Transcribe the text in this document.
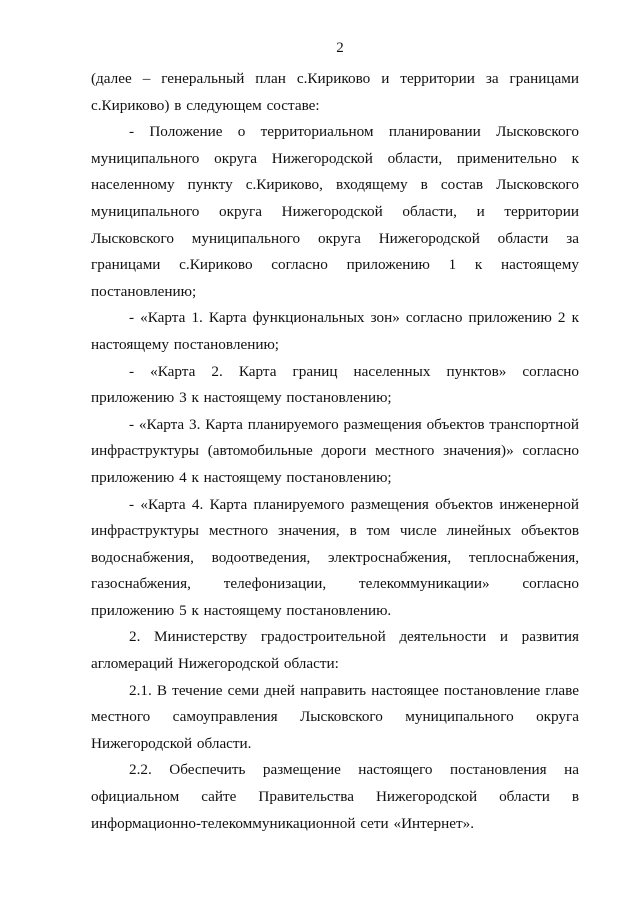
2

(далее – генеральный план с.Кириково и территории за границами с.Кириково) в следующем составе:

- Положение о территориальном планировании Лысковского муниципального округа Нижегородской области, применительно к населенному пункту с.Кириково, входящему в состав Лысковского муниципального округа Нижегородской области, и территории Лысковского муниципального округа Нижегородской области за границами с.Кириково согласно приложению 1 к настоящему постановлению;

- «Карта 1. Карта функциональных зон» согласно приложению 2 к настоящему постановлению;

- «Карта 2. Карта границ населенных пунктов» согласно приложению 3 к настоящему постановлению;

- «Карта 3. Карта планируемого размещения объектов транспортной инфраструктуры (автомобильные дороги местного значения)» согласно приложению 4 к настоящему постановлению;

- «Карта 4. Карта планируемого размещения объектов инженерной инфраструктуры местного значения, в том числе линейных объектов водоснабжения, водоотведения, электроснабжения, теплоснабжения, газоснабжения, телефонизации, телекоммуникации» согласно приложению 5 к настоящему постановлению.

2. Министерству градостроительной деятельности и развития агломераций Нижегородской области:

2.1. В течение семи дней направить настоящее постановление главе местного самоуправления Лысковского муниципального округа Нижегородской области.

2.2. Обеспечить размещение настоящего постановления на официальном сайте Правительства Нижегородской области в информационно-телекоммуникационной сети «Интернет».
